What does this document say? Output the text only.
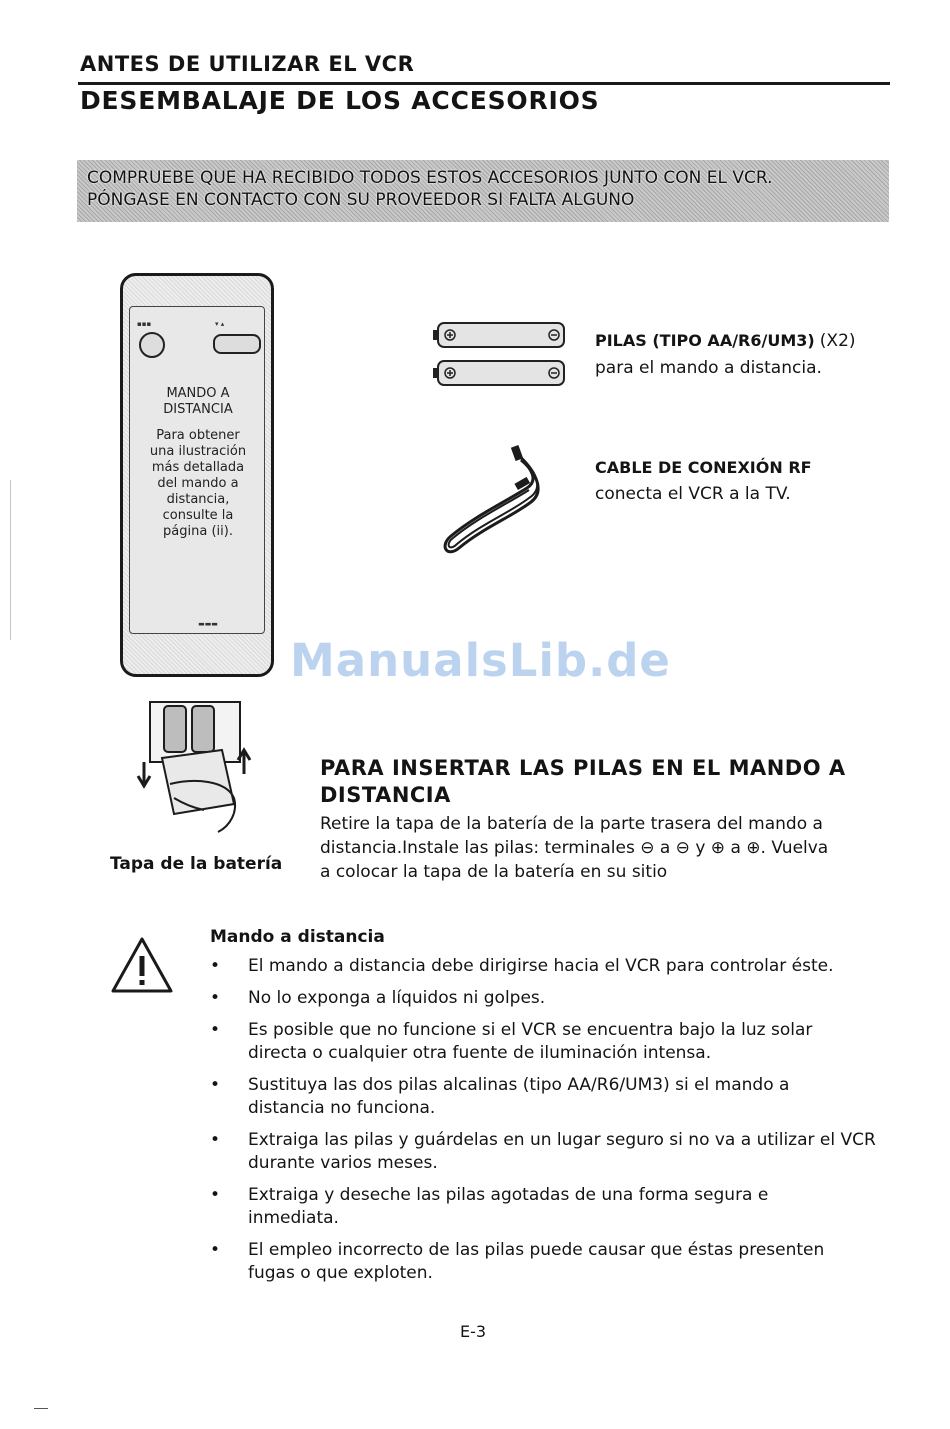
ANTES DE UTILIZAR EL VCR
DESEMBALAJE DE LOS ACCESORIOS
COMPRUEBE QUE HA RECIBIDO TODOS ESTOS ACCESORIOS JUNTO CON EL VCR.
PÓNGASE EN CONTACTO CON SU PROVEEDOR SI FALTA ALGUNO
▪▪▪	▾ ▴
MANDO A
DISTANCIA
Para obtener
una ilustración
más detallada
del mando a
distancia,
consulte la
página (ii).
▬▬▬
PILAS (TIPO AA/R6/UM3) (X2)
para el mando a distancia.
CABLE DE CONEXIÓN RF
conecta el VCR a la TV.
ManualsLib.de
Tapa de la batería
PARA INSERTAR LAS PILAS EN EL MANDO A
DISTANCIA
Retire la tapa de la batería de la parte trasera del mando a
distancia.Instale las pilas: terminales ⊖ a ⊖ y ⊕ a ⊕. Vuelva
a colocar la tapa de la batería en su sitio
Mando a distancia
• El mando a distancia debe dirigirse hacia el VCR para controlar éste.
• No lo exponga a líquidos ni golpes.
• Es posible que no funcione si el VCR se encuentra bajo la luz solar
directa o cualquier otra fuente de iluminación intensa.
• Sustituya las dos pilas alcalinas (tipo AA/R6/UM3) si el mando a
distancia no funciona.
• Extraiga las pilas y guárdelas en un lugar seguro si no va a utilizar el VCR
durante varios meses.
• Extraiga y deseche las pilas agotadas de una forma segura e
inmediata.
• El empleo incorrecto de las pilas puede causar que éstas presenten
fugas o que exploten.
E-3
